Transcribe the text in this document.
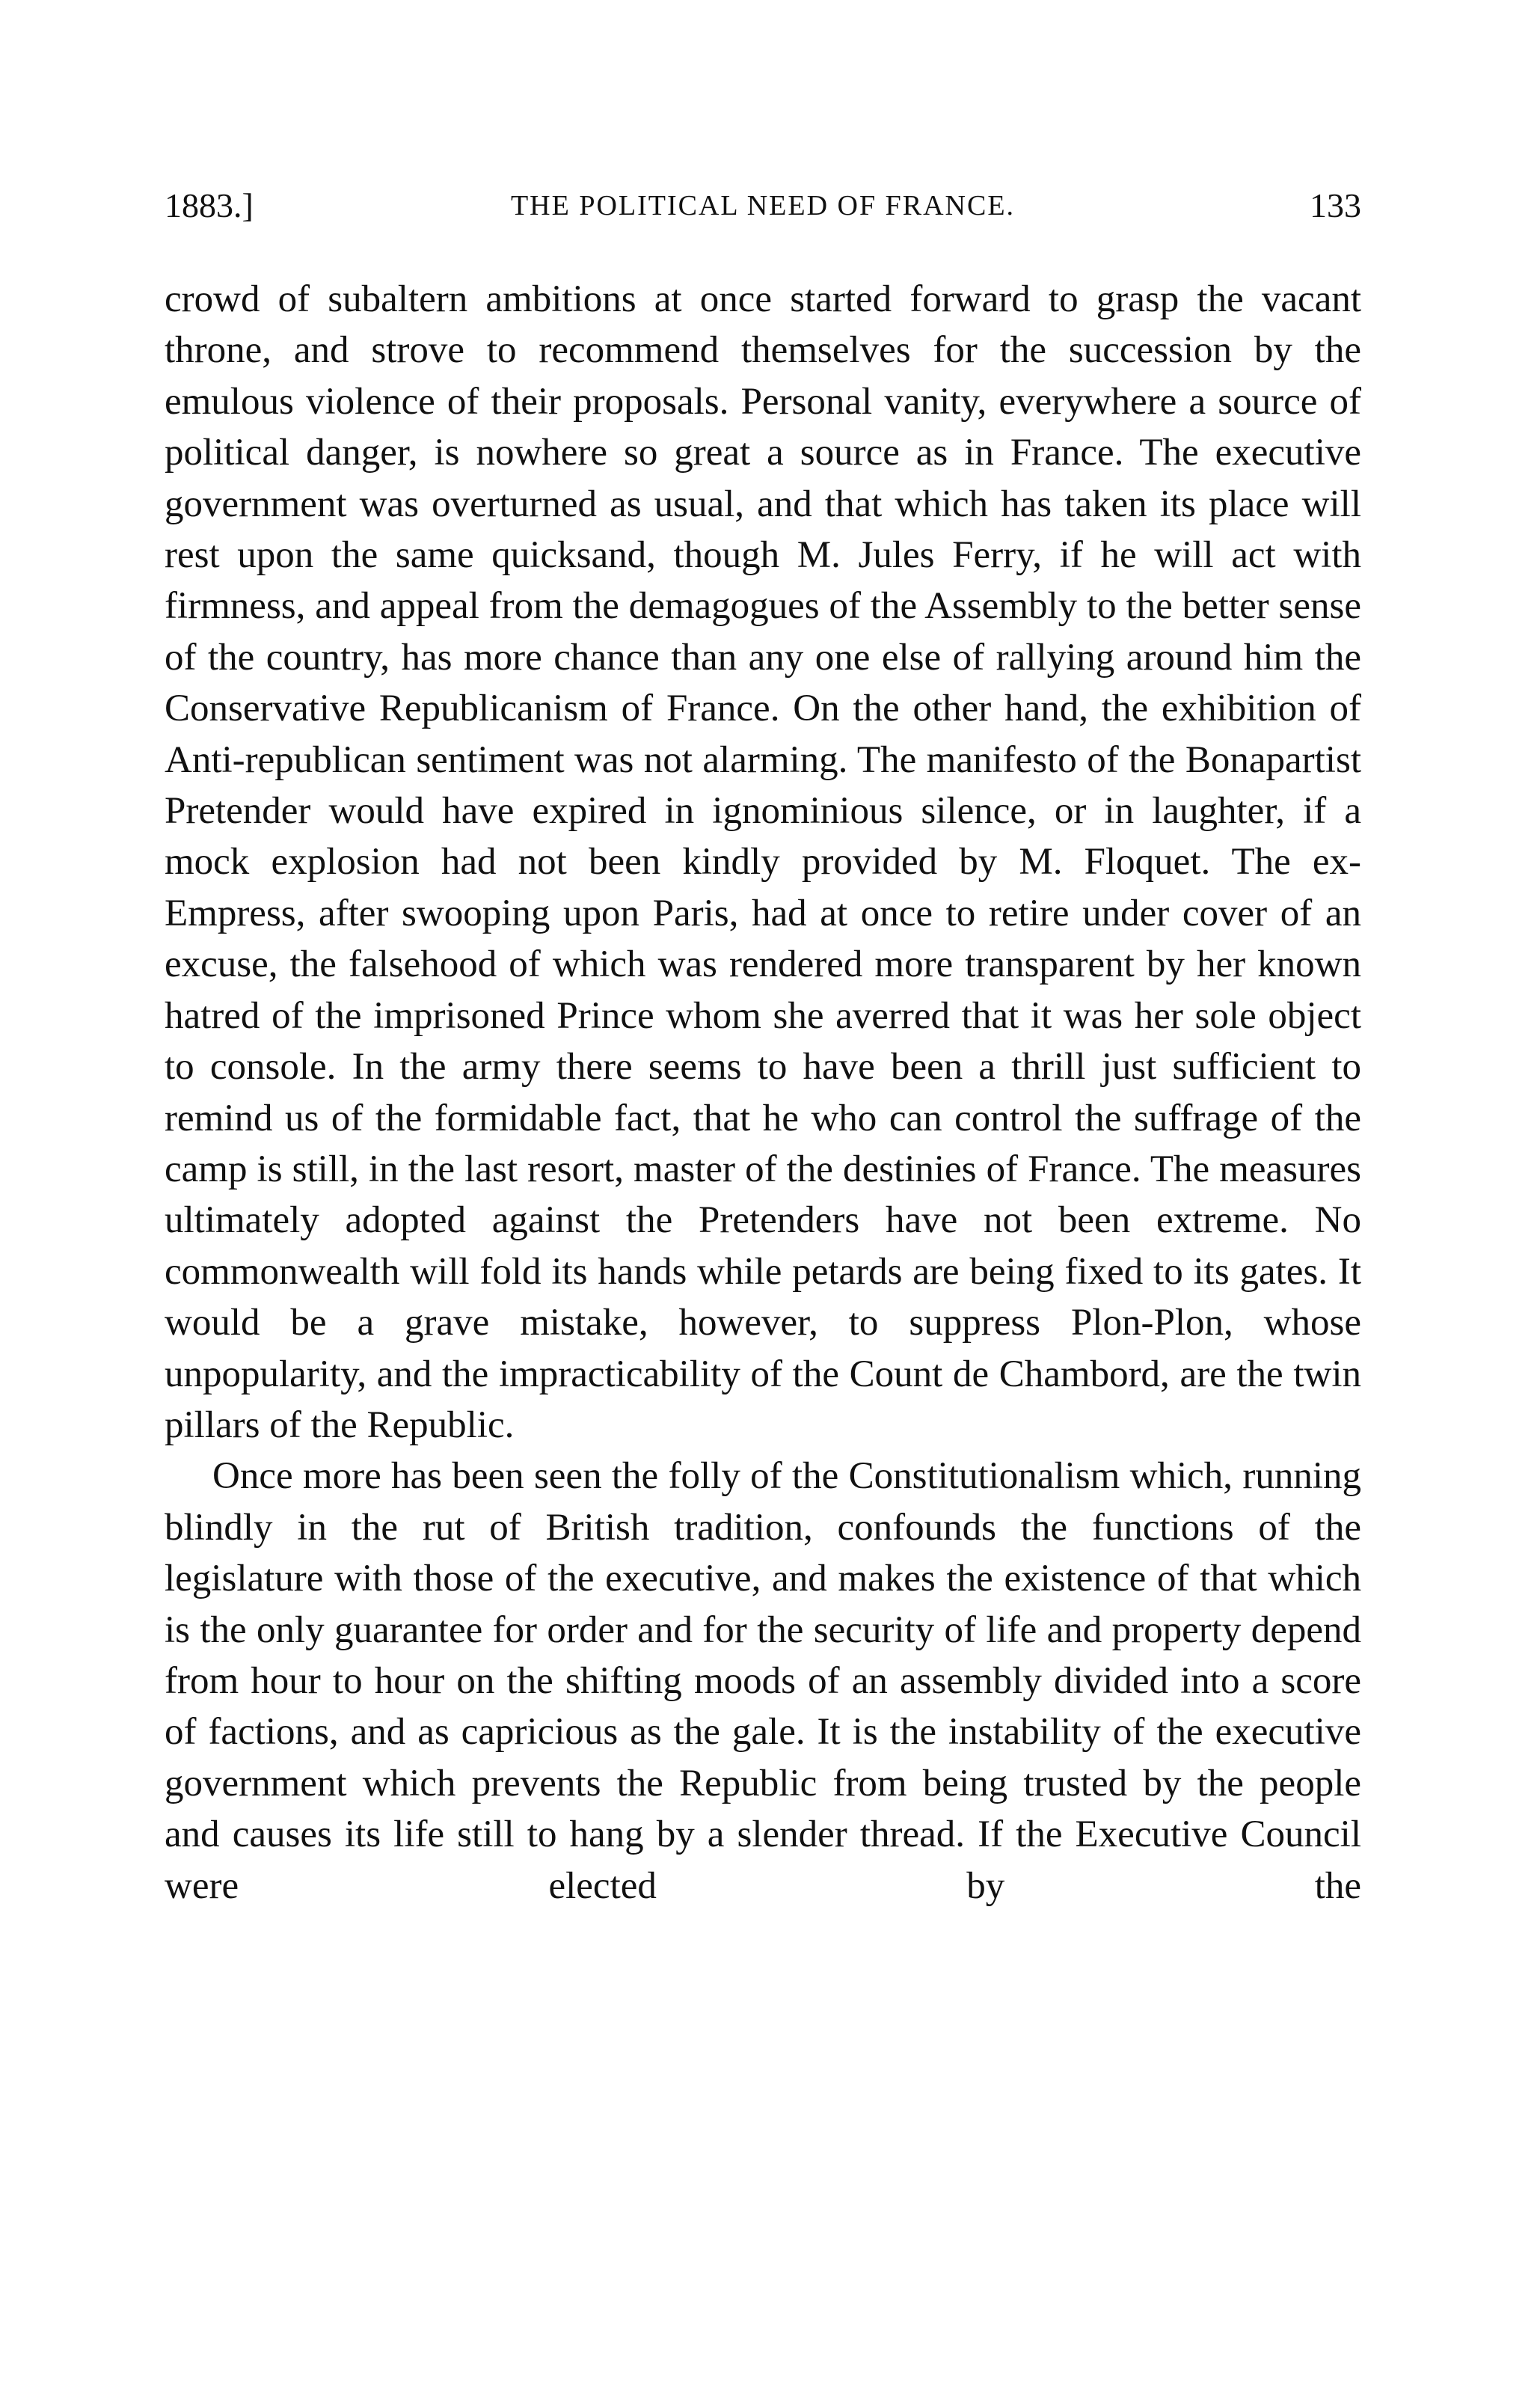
1883.]	THE POLITICAL NEED OF FRANCE.	133

crowd of subaltern ambitions at once started forward to grasp the vacant throne, and strove to recommend themselves for the succession by the emulous violence of their proposals. Personal vanity, everywhere a source of political danger, is nowhere so great a source as in France. The executive government was overturned as usual, and that which has taken its place will rest upon the same quicksand, though M. Jules Ferry, if he will act with firmness, and appeal from the demagogues of the Assembly to the better sense of the country, has more chance than any one else of rallying around him the Conservative Republicanism of France. On the other hand, the exhibition of Anti-republican sentiment was not alarming. The manifesto of the Bonapartist Pretender would have expired in ignominious silence, or in laughter, if a mock explosion had not been kindly provided by M. Floquet. The ex-Empress, after swooping upon Paris, had at once to retire under cover of an excuse, the falsehood of which was rendered more transparent by her known hatred of the imprisoned Prince whom she averred that it was her sole object to console. In the army there seems to have been a thrill just sufficient to remind us of the formidable fact, that he who can control the suffrage of the camp is still, in the last resort, master of the destinies of France. The measures ultimately adopted against the Pretenders have not been extreme. No commonwealth will fold its hands while petards are being fixed to its gates. It would be a grave mistake, however, to suppress Plon-Plon, whose unpopularity, and the impracticability of the Count de Chambord, are the twin pillars of the Republic.

Once more has been seen the folly of the Constitutionalism which, running blindly in the rut of British tradition, confounds the functions of the legislature with those of the executive, and makes the existence of that which is the only guarantee for order and for the security of life and property depend from hour to hour on the shifting moods of an assembly divided into a score of factions, and as capricious as the gale. It is the instability of the executive government which prevents the Republic from being trusted by the people and causes its life still to hang by a slender thread. If the Executive Council were elected by the
